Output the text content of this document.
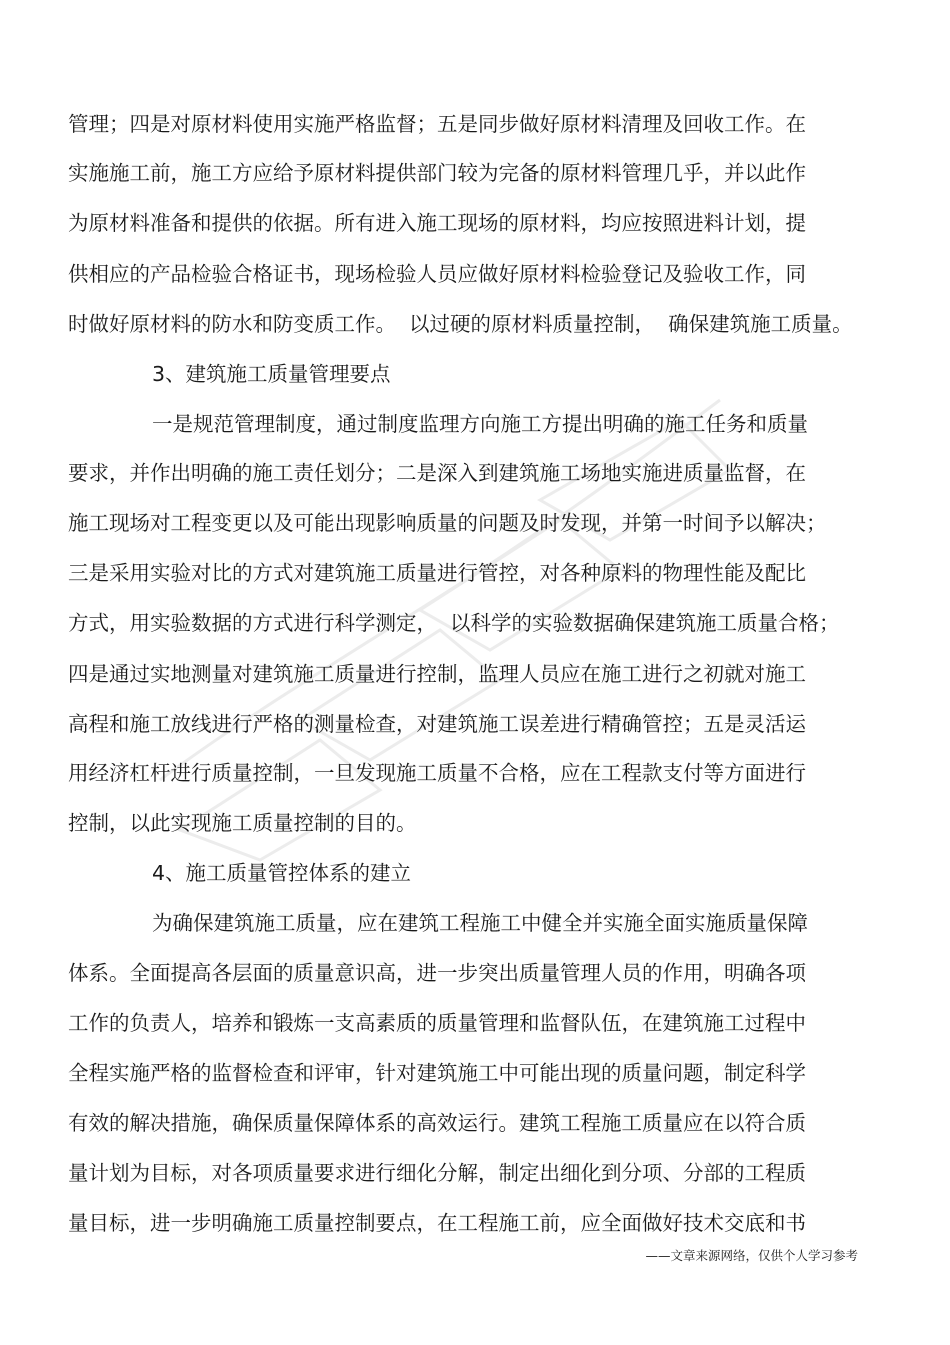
管理；四是对原材料使用实施严格监督；五是同步做好原材料清理及回收工作。在
实施施工前，施工方应给予原材料提供部门较为完备的原材料管理几乎，并以此作
为原材料准备和提供的依据。所有进入施工现场的原材料，均应按照进料计划，提
供相应的产品检验合格证书，现场检验人员应做好原材料检验登记及验收工作，同
时做好原材料的防水和防变质工作。  以过硬的原材料质量控制，  确保建筑施工质量。
3、建筑施工质量管理要点
一是规范管理制度，通过制度监理方向施工方提出明确的施工任务和质量
要求，并作出明确的施工责任划分；二是深入到建筑施工场地实施进质量监督，在
施工现场对工程变更以及可能出现影响质量的问题及时发现，并第一时间予以解决；
三是采用实验对比的方式对建筑施工质量进行管控，对各种原料的物理性能及配比
方式，用实验数据的方式进行科学测定，  以科学的实验数据确保建筑施工质量合格；
四是通过实地测量对建筑施工质量进行控制，监理人员应在施工进行之初就对施工
高程和施工放线进行严格的测量检查，对建筑施工误差进行精确管控；五是灵活运
用经济杠杆进行质量控制，一旦发现施工质量不合格，应在工程款支付等方面进行
控制，以此实现施工质量控制的目的。
4、施工质量管控体系的建立
为确保建筑施工质量，应在建筑工程施工中健全并实施全面实施质量保障
体系。全面提高各层面的质量意识高，进一步突出质量管理人员的作用，明确各项
工作的负责人，培养和锻炼一支高素质的质量管理和监督队伍，在建筑施工过程中
全程实施严格的监督检查和评审，针对建筑施工中可能出现的质量问题，制定科学
有效的解决措施，确保质量保障体系的高效运行。建筑工程施工质量应在以符合质
量计划为目标，对各项质量要求进行细化分解，制定出细化到分项、分部的工程质
量目标，进一步明确施工质量控制要点，在工程施工前，应全面做好技术交底和书
——文章来源网络，仅供个人学习参考
